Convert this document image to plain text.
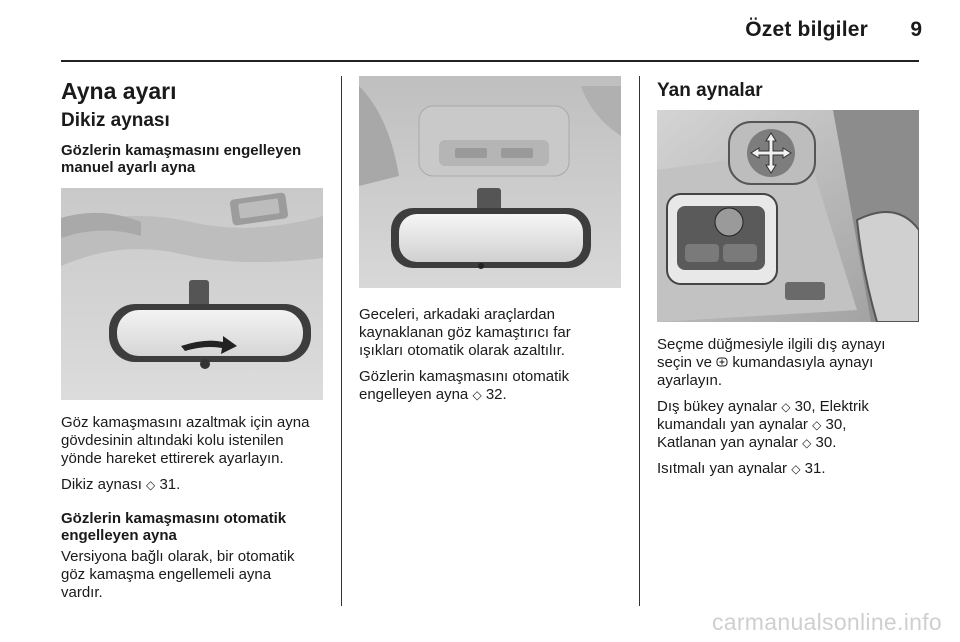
Özet bilgiler 9
Ayna ayarı
Dikiz aynası
Gözlerin kamaşmasını engelleyen
manuel ayarlı ayna
Göz kamaşmasını azaltmak için ayna
gövdesinin altındaki kolu istenilen
yönde hareket ettirerek ayarlayın.

Dikiz aynası ◇ 31.

Gözlerin kamaşmasını otomatik
engelleyen ayna
Versiyona bağlı olarak, bir otomatik
göz kamaşma engellemeli ayna
vardır.
Geceleri, arkadaki araçlardan
kaynaklanan göz kamaştırıcı far
ışıkları otomatik olarak azaltılır.
Gözlerin kamaşmasını otomatik
engelleyen ayna ◇ 32.
Yan aynalar
Seçme düğmesiyle ilgili dış aynayı
seçin ve kumandasıyla aynayı
ayarlayın.
Dış bükey aynalar ◇ 30, Elektrik
kumandalı yan aynalar ◇ 30,
Katlanan yan aynalar ◇ 30.

Isıtmalı yan aynalar ◇ 31.

carmanualsonline.info
